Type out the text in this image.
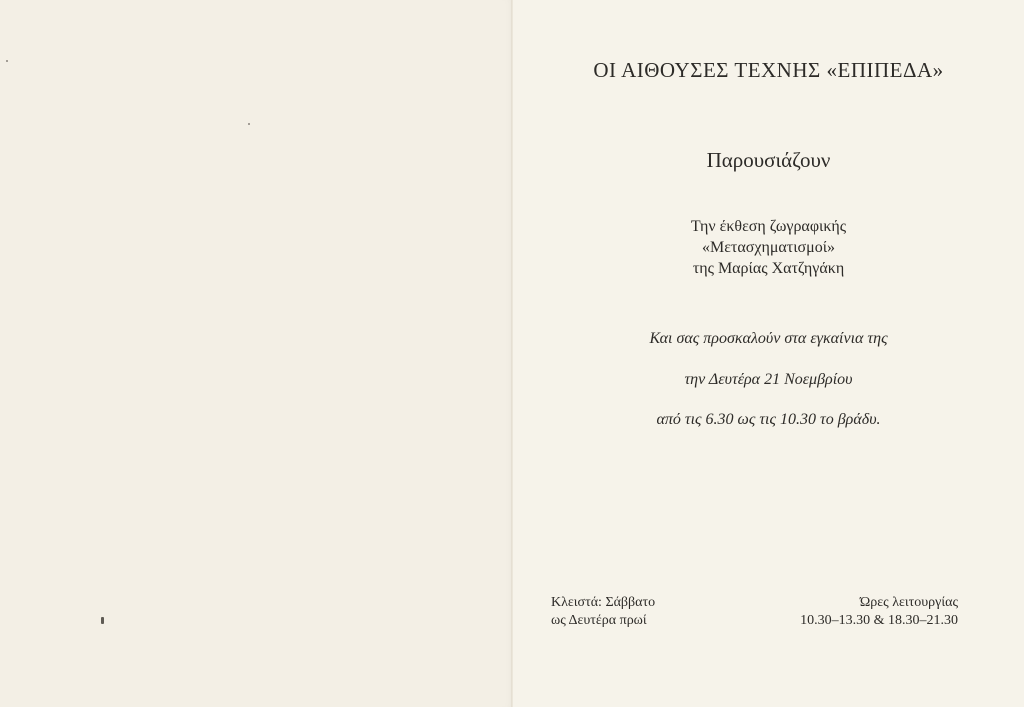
ΟΙ ΑΙΘΟΥΣΕΣ ΤΕΧΝΗΣ «ΕΠΙΠΕΔΑ»
Παρουσιάζουν
Την έκθεση ζωγραφικής
«Μετασχηματισμοί»
της Μαρίας Χατζηγάκη
Και σας προσκαλούν στα εγκαίνια της
την Δευτέρα 21 Νοεμβρίου
από τις 6.30 ως τις 10.30 το βράδυ.
Κλειστά: Σάββατο
ως Δευτέρα πρωί
Ώρες λειτουργίας
10.30–13.30 & 18.30–21.30
